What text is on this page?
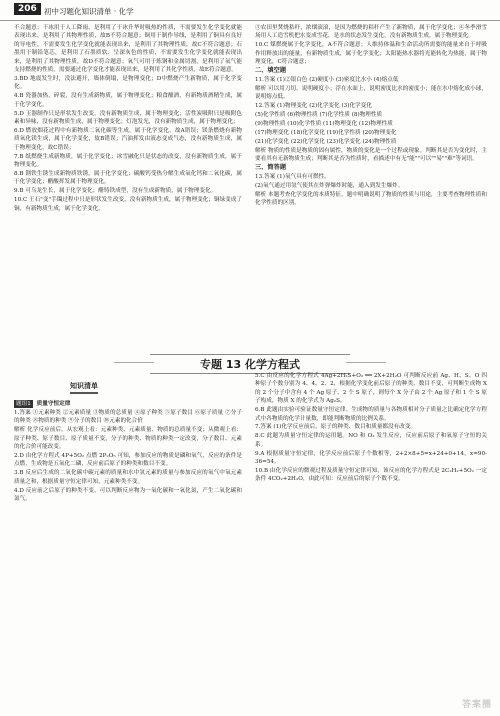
206 初中习题化知识清单 · 化学

不合题意；干冰用于人工降雨，是利用了干冰升华时吸热的性质，不需要发生化学变化就能表现出来，是利用了其物理性质，故B不符合题意；铜用于制作导线，是利用了铜具有良好的导电性，不需要发生化学变化就能表现出来，是利用了其物理性质，故C不符合题意；石墨用于制铅笔芯，是利用了石墨质软、呈深灰色的性质，不需要发生化学变化就能表现出来，是利用了其物理性质，故D不符合题意；氧气可用于炼钢和金属切割，是利用了氧气能支持燃烧的性质，需要通过化学变化才能表现出来，是利用了其化学性质，故E符合题意。

3.BD 地震发生时，没法避开，墙体倒塌，是物理变化；D中燃烧产生新物质，属于化学变化。

4.B 瓷器加热，碎裂，没有生成新物质，属于物理变化；粮食酿酒，有新物质酒精生成，属于化学变化。

5.D 玉器制作只是形状发生改变，没有新物质生成，属于物理变化；活性炭吸附只是吸附色素和异味，没有新物质生成，属于物理变化；灯泡发光，没有新物质生成，属于物理变化；

6.D 燃放烟花过程中有新物质二氧化碳等生成，属于化学变化，故A错误；镁条燃烧有新物质氧化镁生成，属于化学变化，故B错误；汽油挥发由液态变成气态，没有新物质生成，属于物理变化，故C错误；

7.B 纸燃烧生成新物质，属于化学变化；冰雪融化只是状态的改变，没有新物质生成，属于物理变化。

8.B 钢铁生锈生成新物质铁锈，属于化学变化；碳酸钙受热分解生成氧化钙和二氧化碳，属于化学变化；醋酸挥发属于物理变化。

9.B 可乌龙生长，属于化学变化；醋铸铁成型，没有生成新物质，属于物理变化。

10.C 王石"变"手镯过程中只是形状发生改变，没有新物质生成，属于物理变化；铜绿变成了铜，有新物质生成，属于化学变化。

③农田里焚烧秸秆，浓烟滚滚，是因为燃烧的秸秆产生了新物质，属于化学变化；④冬季滑雪场用人工造雪机把水变成雪花，是水的状态发生变化，没有新物质生成，属于物理变化。

10.C 煤燃烧属于化学变化，A不符合题意；人维持体温和生命活动所需要的能量来自于呼吸作用释放出的能量，有新物质生成，属于化学变化；太阳能热水器将光能转化为热能，属于物理变化，C符合题意；

二、填空题

11.答案 (1)②银白色 (2)硬度小 (3)密度比水小 (4)熔点低

解析 可以用刀切，说明硬度小；浮在水面上，说明密度比水的密度小；能在水中熔化成小球，说明熔点低。

12.答案 (1)物理变化 (2)化学变化 (3)化学变化

(5)化学性质 (6)物理性质 (7)化学性质 (8)物理性质

(9)物理性质 (10)化学性质 (11)物理变化 (12)物理性质

(17)物理变化 (18)化学变化 (19)化学性质 (20)物理变化

(21)化学变化 (22)化学变化 (23)化学变化 (24)物理性质

解析 物质的性质是物质的固有属性，物质的变化是一个过程或现象。判断其是否为变化时，主要看其有无新物质生成；判断其是否为性质时，看描述中有无"能""可以""易""难"等词语。

三、简答题

13.答案 (1)氧气具有可燃性。

(2)氧气通过用氢气使其在炸弹爆炸时能，通入到发生爆炸。

解析 本题考查化学变化的本质特征。题中明确说明了物质的性质与用途，主要考查物理性质和化学性质的区别。

专题 13 化学方程式
知识清单

题组1 质量守恒定律

1.答案 ①元素种类 ②元素质量 ③物质的总质量 ④原子种类 ⑤原子数目 ⑥原子质量 ⑦分子的种类 ⑧物质的种类 ⑨分子的数目 ⑩元素的化合价

解析 化学反应前后，从宏观上看：元素种类、元素质量、物质的总质量不变；从微观上看：原子种类、原子数目、原子质量不变，分子的种类、物质的种类一定改变，分子数目、元素的化合价可能改变。

2.D 由化学方程式 4P+5O₂ 点燃 2P₂O₅ 可知，参加反应的物质是磷和氧气，反应的条件是点燃，生成物是五氧化二磷，反应前后原子的种类和数目不变。

3.B 反应后生成的二氧化碳中碳元素的质量和水中氢元素的质量与参加反应的氧气中氧元素质量之和，根据质量守恒定律可知，元素种类不变。

4.D 反应前之后原子的种类不变，可以判断反应物为一氧化碳和一氧化氮，产生二氧化碳和氮气。

5.C 由反应的化学方程式 4Ag+2H₂S+O₂ ══ 2X+2H₂O 可判断反应前 Ag、H、S、O 四种原子个数分别为 4、4、2、2，根据化学变化前后原子的种类、数目不变，可判断生成物 X 的 2 个分子中含有 4 个 Ag 原子、2 个 S 原子，则每个 X 分子由 2 个 Ag 原子和 1 个 S 原子构成，物质 X 的化学式为 Ag₂S。

6.B 此题由实验可验证数量守恒定律。生成物的质量与各物质相对分子质量之比确定化学方程式中各物质的化学计量数，即能判断物质的比例关系。

7.答案 (1)化学反应前后，原子的种类、数目和质量都没有改变。

8.C 此题为质量守恒定律的运用题。NO 和 O₂ 发生反应，反应前后原子和氧原子守恒的关系。

9.A 根据质量守恒定律，化学反应前后原子个数相等，2+2×8+5=x+24+0+14，x=90-36=54。

10.B 由化学反应的微观过程及质量守恒定律可知，该反应的化学方程式是 2C₂H₂+5O₂ 一定条件 4CO₂+2H₂O，由此可知：反应前后的原子个数不变。

答案圈
